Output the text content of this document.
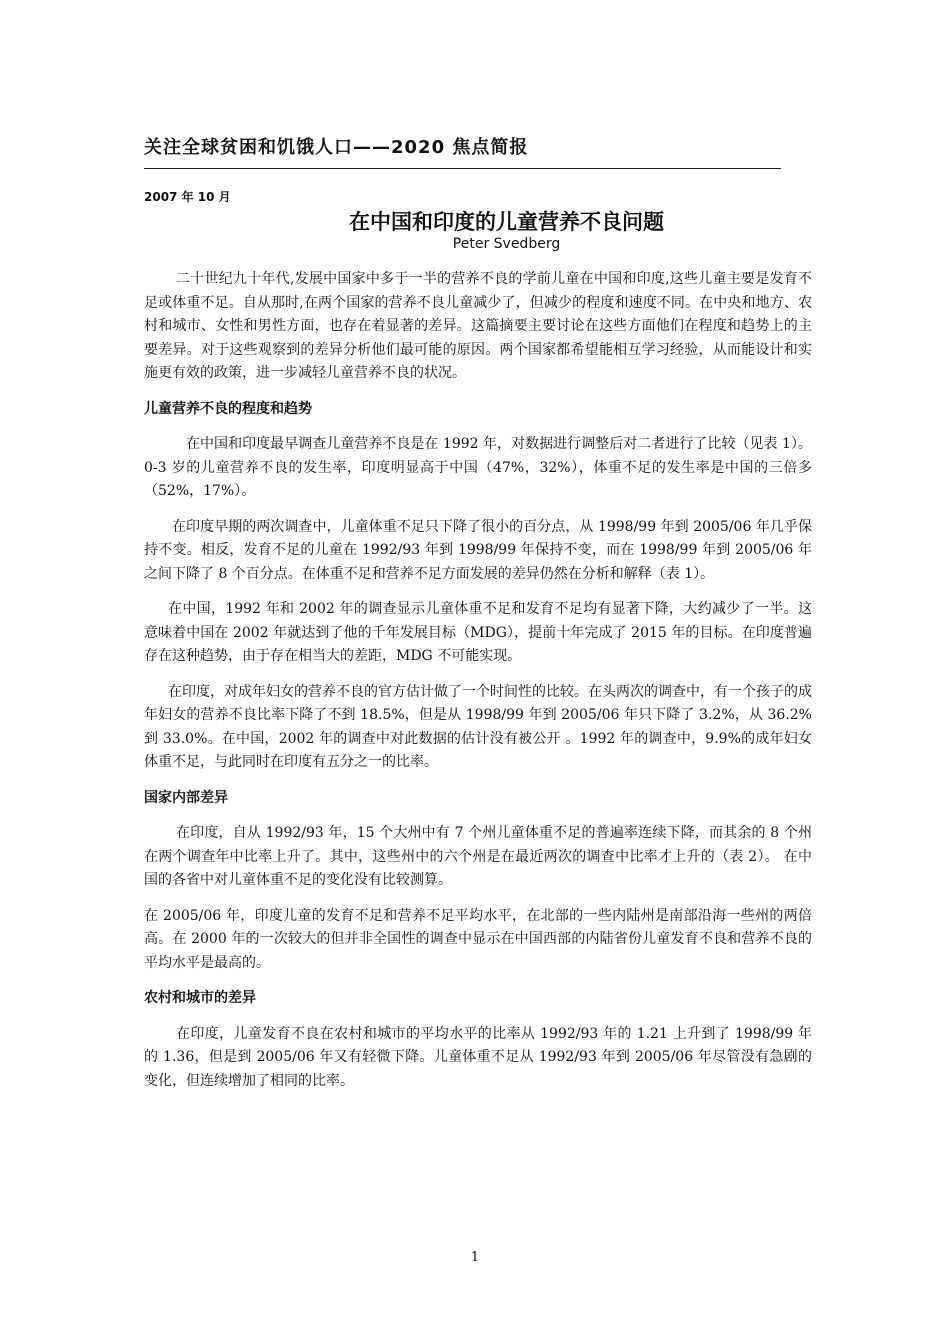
关注全球贫困和饥饿人口——2020 焦点简报
2007 年 10 月
在中国和印度的儿童营养不良问题
Peter Svedberg

二十世纪九十年代,发展中国家中多于一半的营养不良的学前儿童在中国和印度,这些儿童主要是发育不足或体重不足。自从那时,在两个国家的营养不良儿童减少了，但减少的程度和速度不同。在中央和地方、农村和城市、女性和男性方面，也存在着显著的差异。这篇摘要主要讨论在这些方面他们在程度和趋势上的主要差异。对于这些观察到的差异分析他们最可能的原因。两个国家都希望能相互学习经验，从而能设计和实施更有效的政策，进一步减轻儿童营养不良的状况。

儿童营养不良的程度和趋势

在中国和印度最早调查儿童营养不良是在 1992 年，对数据进行调整后对二者进行了比较（见表 1）。0-3 岁的儿童营养不良的发生率，印度明显高于中国（47%，32%），体重不足的发生率是中国的三倍多（52%，17%）。

在印度早期的两次调查中，儿童体重不足只下降了很小的百分点，从 1998/99 年到 2005/06 年几乎保持不变。相反，发育不足的儿童在 1992/93 年到 1998/99 年保持不变，而在 1998/99 年到 2005/06 年之间下降了 8 个百分点。在体重不足和营养不足方面发展的差异仍然在分析和解释（表 1）。

在中国，1992 年和 2002 年的调查显示儿童体重不足和发育不足均有显著下降，大约减少了一半。这意味着中国在 2002 年就达到了他的千年发展目标（MDG），提前十年完成了 2015 年的目标。在印度普遍存在这种趋势，由于存在相当大的差距，MDG 不可能实现。

在印度，对成年妇女的营养不良的官方估计做了一个时间性的比较。在头两次的调查中，有一个孩子的成年妇女的营养不良比率下降了不到 18.5%，但是从 1998/99 年到 2005/06 年只下降了 3.2%，从 36.2%到 33.0%。在中国，2002 年的调查中对此数据的估计没有被公开 。1992 年的调查中，9.9%的成年妇女体重不足，与此同时在印度有五分之一的比率。

国家内部差异

在印度，自从 1992/93 年，15 个大州中有 7 个州儿童体重不足的普遍率连续下降，而其余的 8 个州在两个调查年中比率上升了。其中，这些州中的六个州是在最近两次的调查中比率才上升的（表 2）。 在中国的各省中对儿童体重不足的变化没有比较测算。

在 2005/06 年，印度儿童的发育不足和营养不足平均水平，在北部的一些内陆州是南部沿海一些州的两倍高。在 2000 年的一次较大的但并非全国性的调查中显示在中国西部的内陆省份儿童发育不良和营养不良的平均水平是最高的。

农村和城市的差异

在印度，儿童发育不良在农村和城市的平均水平的比率从 1992/93 年的 1.21 上升到了 1998/99 年的 1.36，但是到 2005/06 年又有轻微下降。儿童体重不足从 1992/93 年到 2005/06 年尽管没有急剧的变化，但连续增加了相同的比率。

1
